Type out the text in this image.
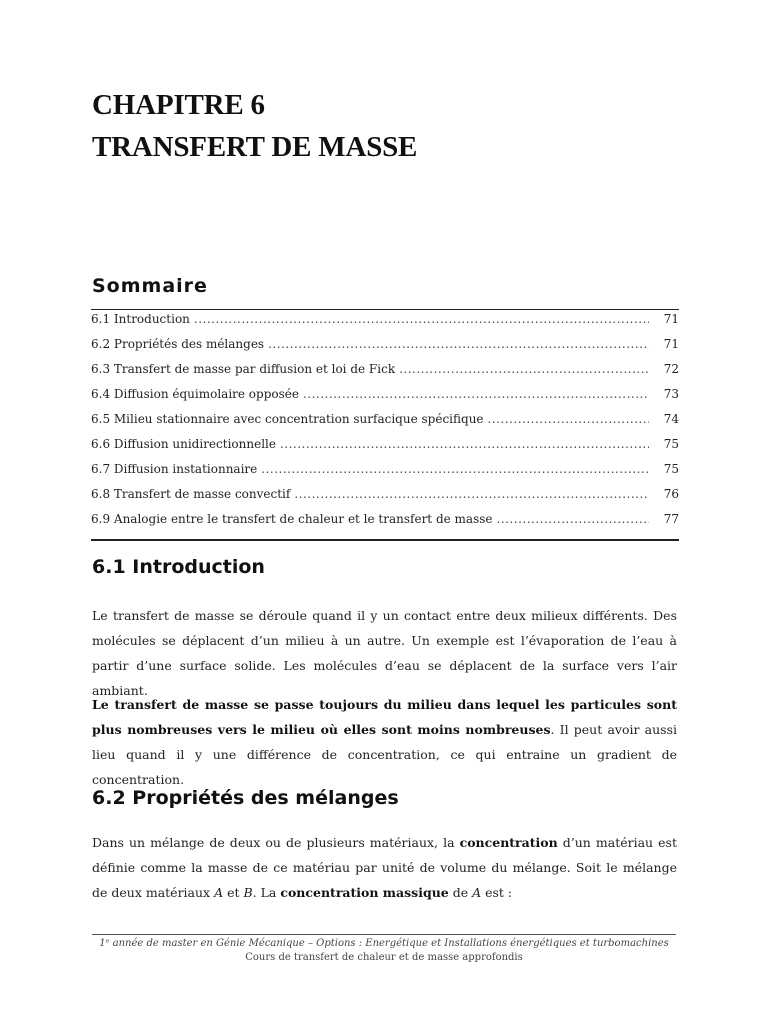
CHAPITRE 6
TRANSFERT DE MASSE
Sommaire
6.1 Introduction .....	71
6.2 Propriétés des mélanges .....	71
6.3 Transfert de masse par diffusion et loi de Fick .....	72
6.4 Diffusion équimolaire opposée .....	73
6.5 Milieu stationnaire avec concentration surfacique spécifique .....	74
6.6 Diffusion unidirectionnelle .....	75
6.7 Diffusion instationnaire .....	75
6.8 Transfert de masse convectif .....	76
6.9 Analogie entre le transfert de chaleur et le transfert de masse .....	77
6.1 Introduction
Le transfert de masse se déroule quand il y un contact entre deux milieux différents. Des molécules se déplacent d’un milieu à un autre. Un exemple est l’évaporation de l’eau à partir d’une surface solide. Les molécules d’eau se déplacent de la surface vers l’air ambiant.
Le transfert de masse se passe toujours du milieu dans lequel les particules sont plus nombreuses vers le milieu où elles sont moins nombreuses. Il peut avoir aussi lieu quand il y une différence de concentration, ce qui entraine un gradient de concentration.
6.2 Propriétés des mélanges
Dans un mélange de deux ou de plusieurs matériaux, la concentration d’un matériau est définie comme la masse de ce matériau par unité de volume du mélange. Soit le mélange de deux matériaux A et B. La concentration massique de A est :
1ᵉ année de master en Génie Mécanique – Options : Energétique et Installations énergétiques et turbomachines
Cours de transfert de chaleur et de masse approfondis
